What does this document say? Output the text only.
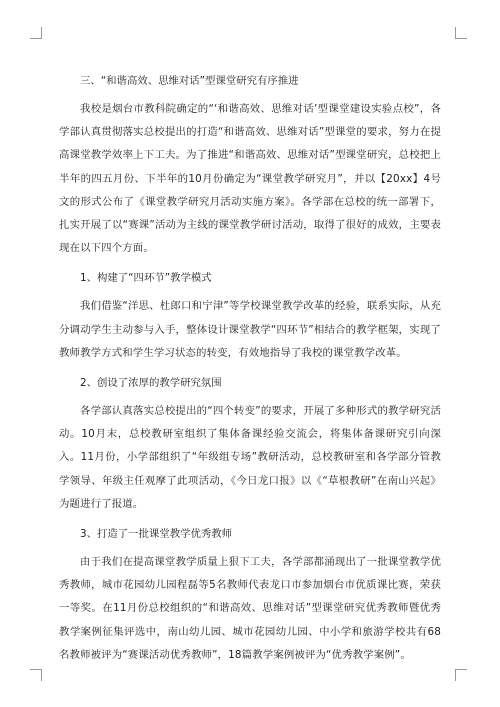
三、“和谐高效、思维对话”型课堂研究有序推进

我校是烟台市教科院确定的“‘和谐高效、思维对话’型课堂建设实验点校”，各学部认真贯彻落实总校提出的打造“和谐高效、思维对话”型课堂的要求，努力在提高课堂教学效率上下工夫。为了推进“和谐高效、思维对话”型课堂研究，总校把上半年的四五月份、下半年的10月份确定为“课堂教学研究月”，并以【20xx】4号文的形式公布了《课堂教学研究月活动实施方案》。各学部在总校的统一部署下，扎实开展了以“赛课”活动为主线的课堂教学研讨活动，取得了很好的成效，主要表现在以下四个方面。

1、构建了“四环节”教学模式

我们借鉴“洋思、杜郎口和宁津”等学校课堂教学改革的经验，联系实际，从充分调动学生主动参与入手，整体设计课堂教学“四环节”相结合的教学框架，实现了教师教学方式和学生学习状态的转变，有效地指导了我校的课堂教学改革。

2、创设了浓厚的教学研究氛围

各学部认真落实总校提出的“四个转变”的要求，开展了多种形式的教学研究活动。10月末，总校教研室组织了集体备课经验交流会，将集体备课研究引向深入。11月份，小学部组织了“年级组专场”教研活动，总校教研室和各学部分管教学领导、年级主任观摩了此项活动，《今日龙口报》以《“草根教研”在南山兴起》为题进行了报道。

3、打造了一批课堂教学优秀教师

由于我们在提高课堂教学质量上狠下工夫，各学部都涌现出了一批课堂教学优秀教师，城市花园幼儿园程磊等5名教师代表龙口市参加烟台市优质课比赛，荣获一等奖。在11月份总校组织的“和谐高效、思维对话”型课堂研究优秀教师暨优秀教学案例征集评选中，南山幼儿园、城市花园幼儿园、中小学和旅游学校共有68名教师被评为“赛课活动优秀教师”，18篇教学案例被评为“优秀教学案例”。
